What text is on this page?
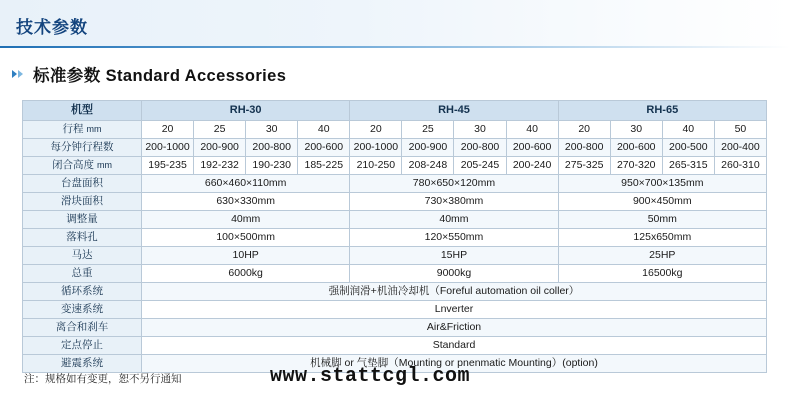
技术参数
标准参数 Standard Accessories
机型	RH-30				RH-45				RH-65			
行程 mm	20	25	30	40	20	25	30	40	20	30	40	50
每分钟行程数	200-1000	200-900	200-800	200-600	200-1000	200-900	200-800	200-600	200-800	200-600	200-500	200-400
闭合高度 mm	195-235	192-232	190-230	185-225	210-250	208-248	205-245	200-240	275-325	270-320	265-315	260-310
台盘面积	660×460×110mm				780×650×120mm				950×700×135mm			
滑块面积	630×330mm				730×380mm				900×450mm			
调整量	40mm				40mm				50mm			
落料孔	100×500mm				120×550mm				125x650mm			
马达	10HP				15HP				25HP			
总重	6000kg				9000kg				16500kg			
循环系统	强制润滑+机油冷却机（Foreful automation oil coller）											
变速系统	Lnverter											
离合和刹车	Air&Friction											
定点停止	Standard											
避震系统	机械脚 or 气垫脚（Mounting or pnenmatic Mounting）(option)											
注：规格如有变更，恕不另行通知	www.stattcgl.com
